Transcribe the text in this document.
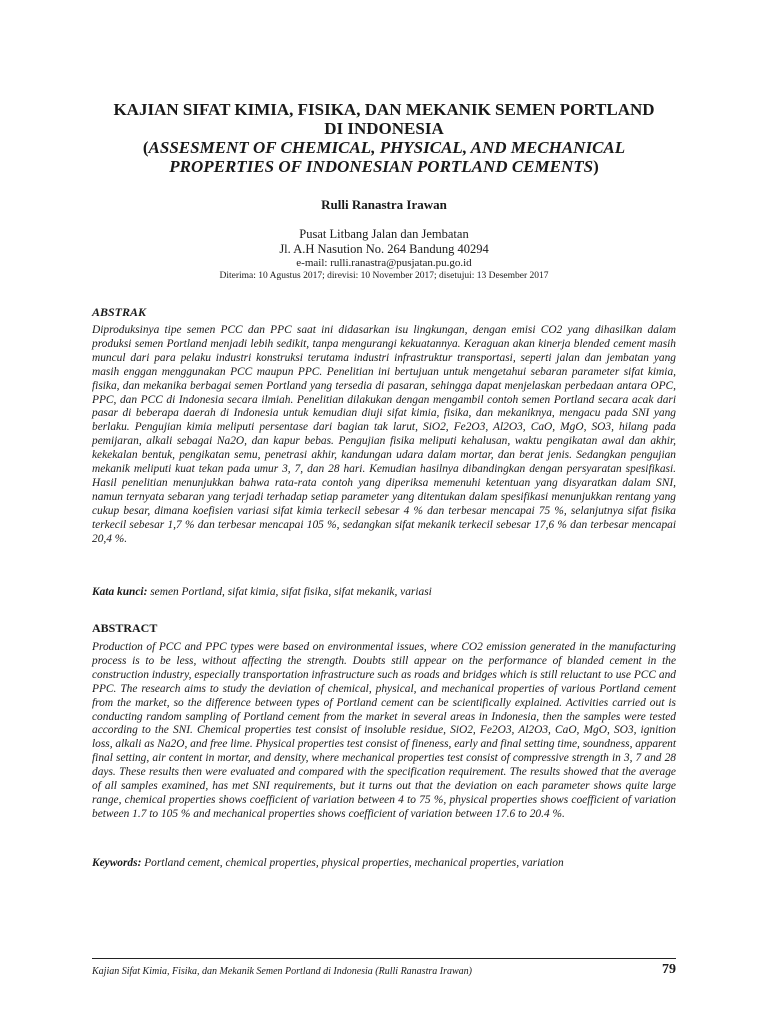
KAJIAN SIFAT KIMIA, FISIKA, DAN MEKANIK SEMEN PORTLAND
DI INDONESIA
(ASSESMENT OF CHEMICAL, PHYSICAL, AND MECHANICAL
PROPERTIES OF INDONESIAN PORTLAND CEMENTS)
Rulli Ranastra Irawan
Pusat Litbang Jalan dan Jembatan
Jl. A.H Nasution No. 264 Bandung 40294
e-mail: rulli.ranastra@pusjatan.pu.go.id
Diterima: 10 Agustus 2017; direvisi: 10 November 2017; disetujui: 13 Desember 2017
ABSTRAK

Diproduksinya tipe semen PCC dan PPC saat ini didasarkan isu lingkungan, dengan emisi CO2 yang dihasilkan dalam produksi semen Portland menjadi lebih sedikit, tanpa mengurangi kekuatannya. Keraguan akan kinerja blended cement masih muncul dari para pelaku industri konstruksi terutama industri infrastruktur transportasi, seperti jalan dan jembatan yang masih enggan menggunakan PCC maupun PPC. Penelitian ini bertujuan untuk mengetahui sebaran parameter sifat kimia, fisika, dan mekanika berbagai semen Portland yang tersedia di pasaran, sehingga dapat menjelaskan perbedaan antara OPC, PPC, dan PCC di Indonesia secara ilmiah. Penelitian dilakukan dengan mengambil contoh semen Portland secara acak dari pasar di beberapa daerah di Indonesia untuk kemudian diuji sifat kimia, fisika, dan mekaniknya, mengacu pada SNI yang berlaku. Pengujian kimia meliputi persentase dari bagian tak larut, SiO2, Fe2O3, Al2O3, CaO, MgO, SO3, hilang pada pemijaran, alkali sebagai Na2O, dan kapur bebas. Pengujian fisika meliputi kehalusan, waktu pengikatan awal dan akhir, kekekalan bentuk, pengikatan semu, penetrasi akhir, kandungan udara dalam mortar, dan berat jenis. Sedangkan pengujian mekanik meliputi kuat tekan pada umur 3, 7, dan 28 hari. Kemudian hasilnya dibandingkan dengan persyaratan spesifikasi. Hasil penelitian menunjukkan bahwa rata-rata contoh yang diperiksa memenuhi ketentuan yang disyaratkan dalam SNI, namun ternyata sebaran yang terjadi terhadap setiap parameter yang ditentukan dalam spesifikasi menunjukkan rentang yang cukup besar, dimana koefisien variasi sifat kimia terkecil sebesar 4 % dan terbesar mencapai 75 %, selanjutnya sifat fisika terkecil sebesar 1,7 % dan terbesar mencapai 105 %, sedangkan sifat mekanik terkecil sebesar 17,6 % dan terbesar mencapai 20,4 %.

Kata kunci: semen Portland, sifat kimia, sifat fisika, sifat mekanik, variasi
ABSTRACT

Production of PCC and PPC types were based on environmental issues, where CO2 emission generated in the manufacturing process is to be less, without affecting the strength. Doubts still appear on the performance of blanded cement in the construction industry, especially transportation infrastructure such as roads and bridges which is still reluctant to use PCC and PPC. The research aims to study the deviation of chemical, physical, and mechanical properties of various Portland cement from the market, so the difference between types of Portland cement can be scientifically explained. Activities carried out is conducting random sampling of Portland cement from the market in several areas in Indonesia, then the samples were tested according to the SNI. Chemical properties test consist of insoluble residue, SiO2, Fe2O3, Al2O3, CaO, MgO, SO3, ignition loss, alkali as Na2O, and free lime. Physical properties test consist of fineness, early and final setting time, soundness, apparent final setting, air content in mortar, and density, where mechanical properties test consist of compressive strength in 3, 7 and 28 days. These results then were evaluated and compared with the specification requirement. The results showed that the average of all samples examined, has met SNI requirements, but it turns out that the deviation on each parameter shows quite large range, chemical properties shows coefficient of variation between 4 to 75 %, physical properties shows coefficient of variation between 1.7 to 105 % and mechanical properties shows coefficient of variation between 17.6 to 20.4 %.

Keywords: Portland cement, chemical properties, physical properties, mechanical properties, variation
Kajian Sifat Kimia, Fisika, dan Mekanik Semen Portland di Indonesia (Rulli Ranastra Irawan)	79
